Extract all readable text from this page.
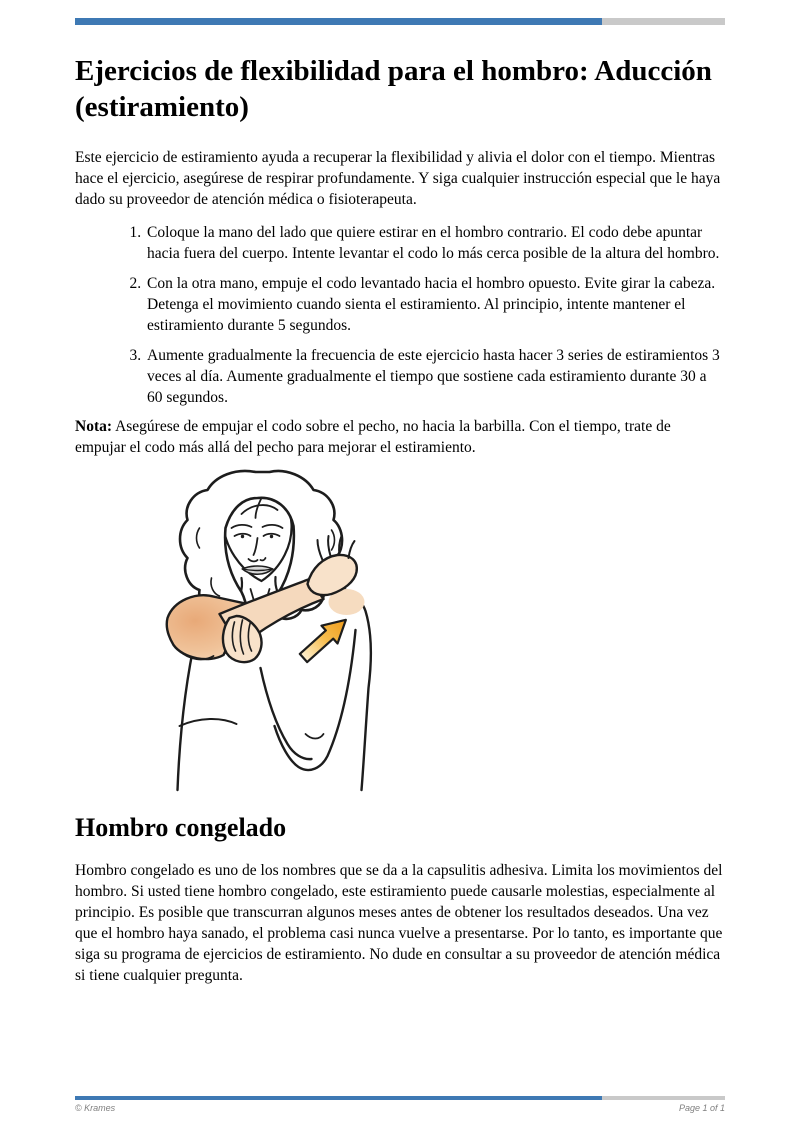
Ejercicios de flexibilidad para el hombro: Aducción (estiramiento)

Este ejercicio de estiramiento ayuda a recuperar la flexibilidad y alivia el dolor con el tiempo. Mientras hace el ejercicio, asegúrese de respirar profundamente. Y siga cualquier instrucción especial que le haya dado su proveedor de atención médica o fisioterapeuta.

1. Coloque la mano del lado que quiere estirar en el hombro contrario. El codo debe apuntar hacia fuera del cuerpo. Intente levantar el codo lo más cerca posible de la altura del hombro.
2. Con la otra mano, empuje el codo levantado hacia el hombro opuesto. Evite girar la cabeza. Detenga el movimiento cuando sienta el estiramiento. Al principio, intente mantener el estiramiento durante 5 segundos.
3. Aumente gradualmente la frecuencia de este ejercicio hasta hacer 3 series de estiramientos 3 veces al día. Aumente gradualmente el tiempo que sostiene cada estiramiento durante 30 a 60 segundos.

Nota: Asegúrese de empujar el codo sobre el pecho, no hacia la barbilla. Con el tiempo, trate de empujar el codo más allá del pecho para mejorar el estiramiento.

Hombro congelado

Hombro congelado es uno de los nombres que se da a la capsulitis adhesiva. Limita los movimientos del hombro. Si usted tiene hombro congelado, este estiramiento puede causarle molestias, especialmente al principio. Es posible que transcurran algunos meses antes de obtener los resultados deseados. Una vez que el hombro haya sanado, el problema casi nunca vuelve a presentarse. Por lo tanto, es importante que siga su programa de ejercicios de estiramiento. No dude en consultar a su proveedor de atención médica si tiene cualquier pregunta.

© Krames	Page 1 of 1
